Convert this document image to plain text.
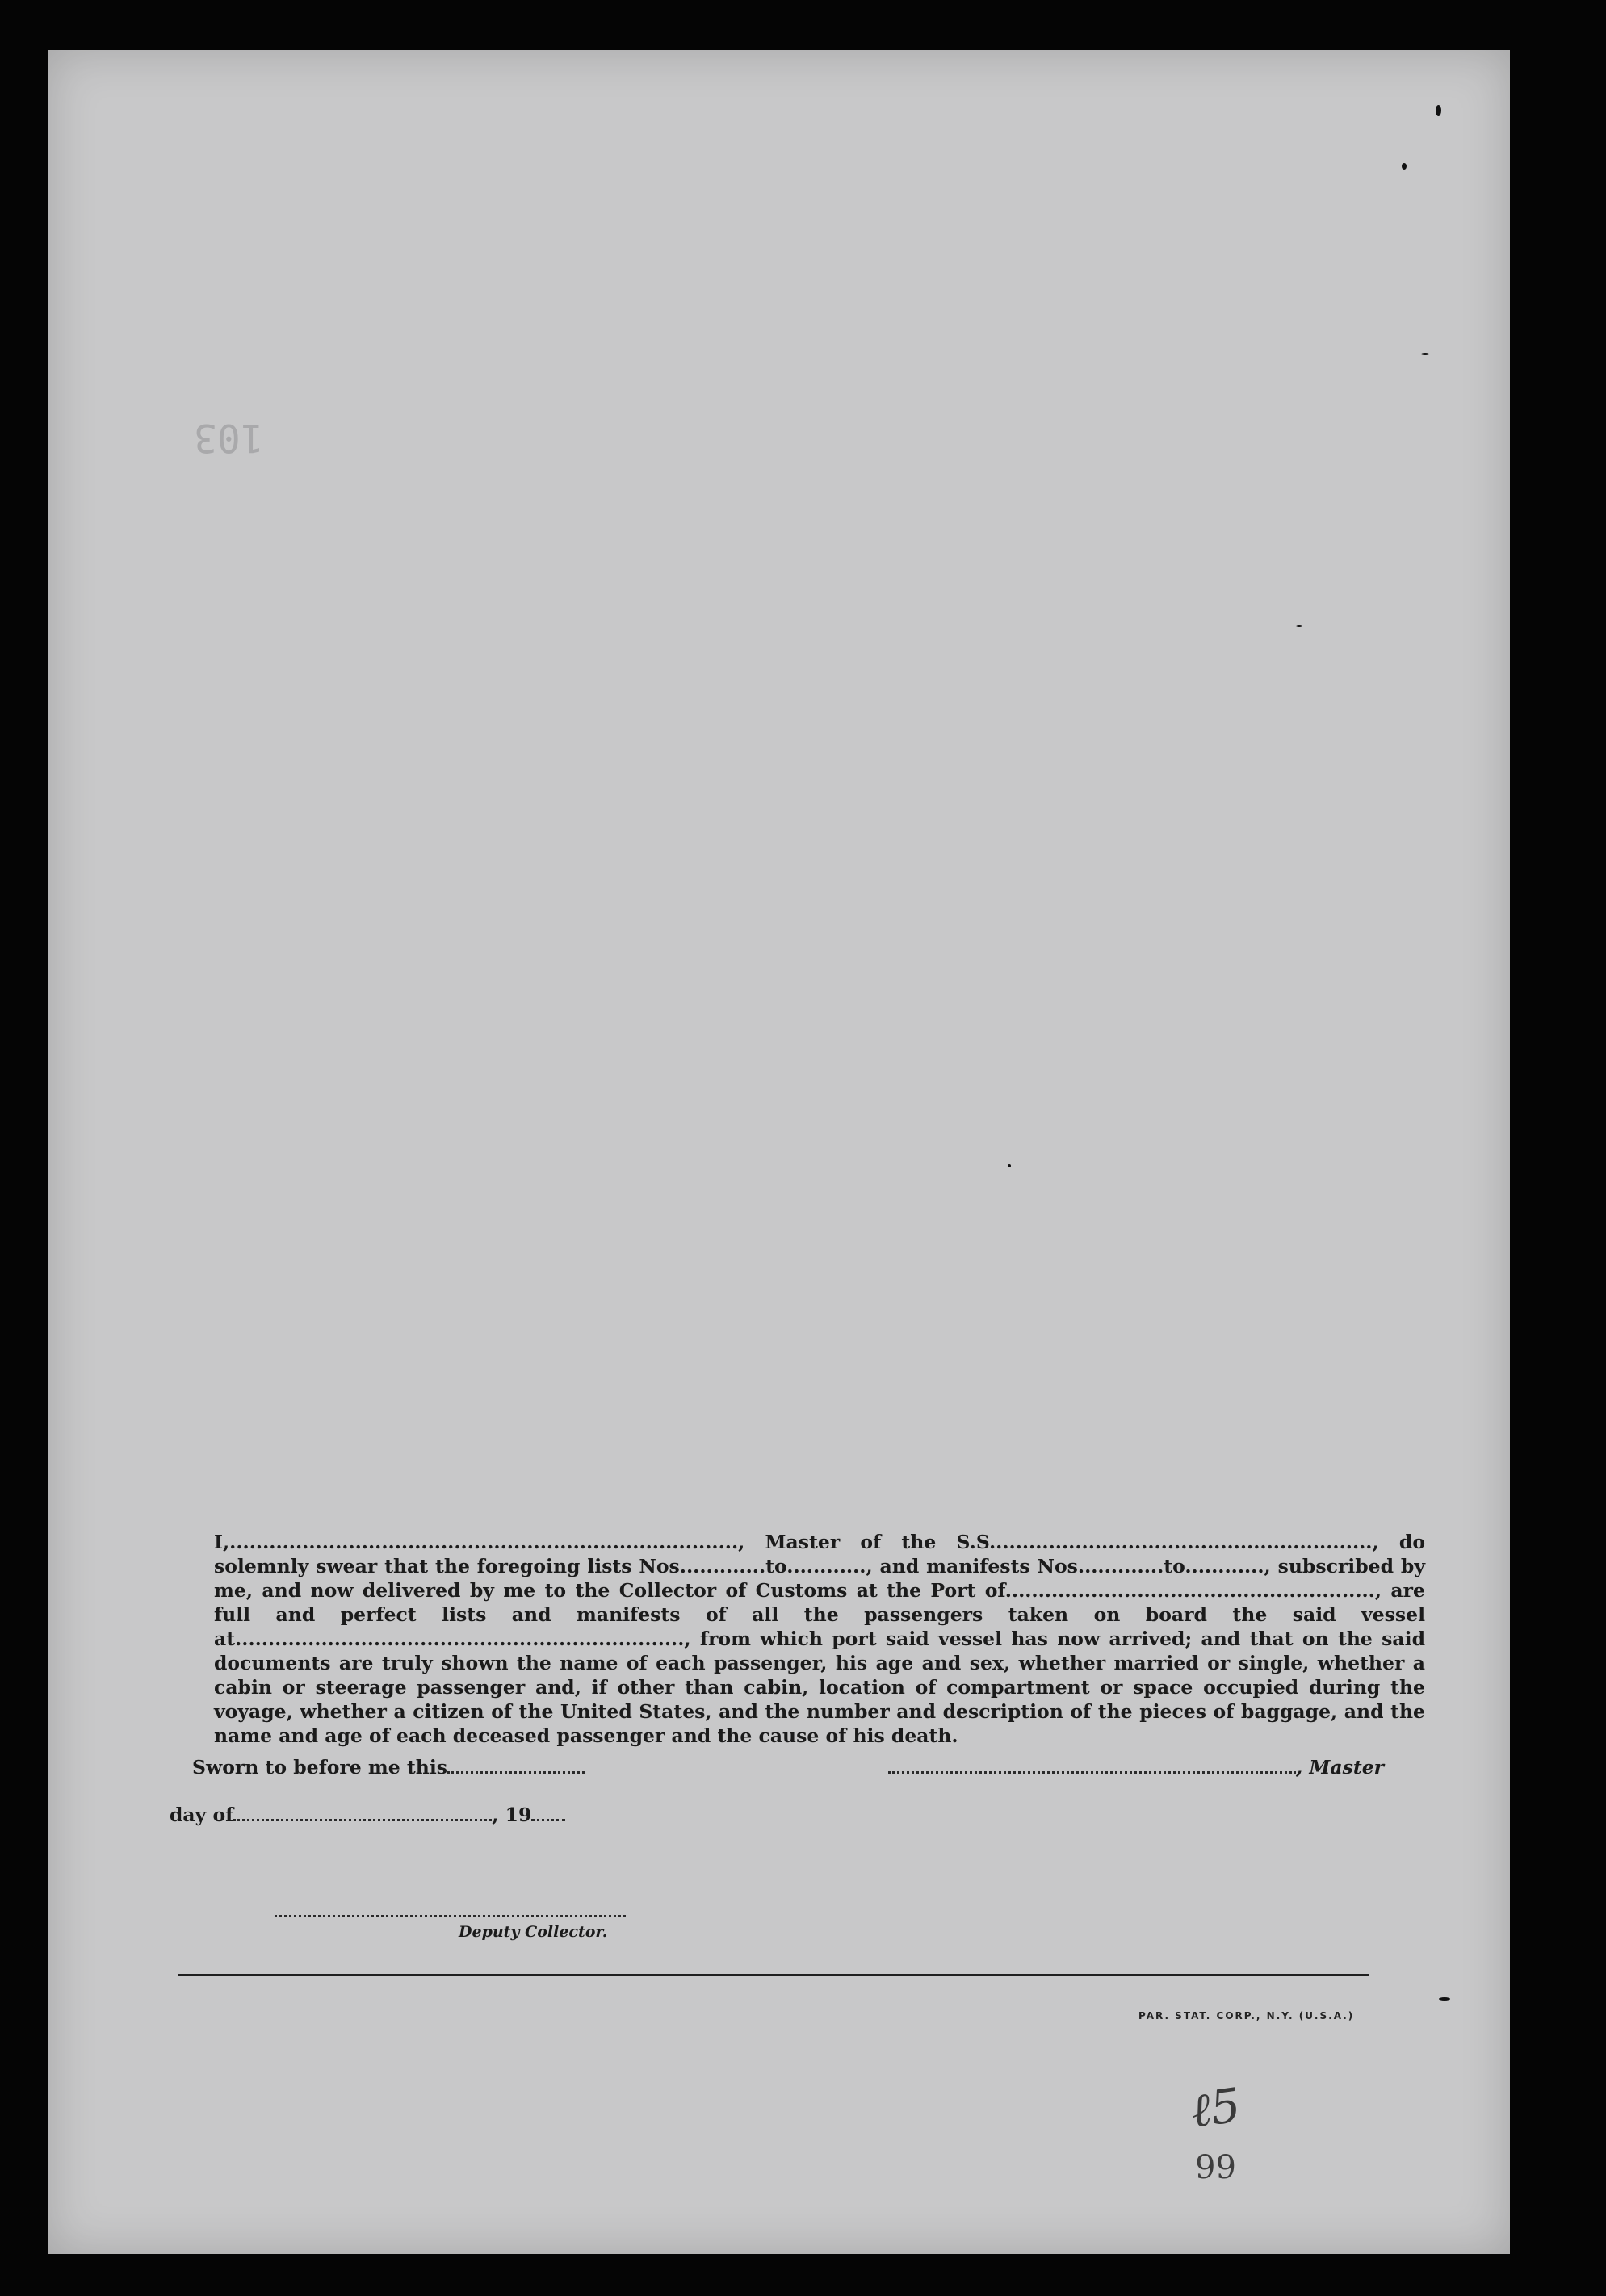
103

I,............................................................................., Master of the S.S.........................................................., do solemnly swear that the foregoing lists Nos.............to............, and manifests Nos.............to............, subscribed by me, and now delivered by me to the Collector of Customs at the Port of........................................................, are full and perfect lists and manifests of all the passengers taken on board the said vessel at...................................................................., from which port said vessel has now arrived; and that on the said documents are truly shown the name of each passenger, his age and sex, whether married or single, whether a cabin or steerage passenger and, if other than cabin, location of compartment or space occupied during the voyage, whether a citizen of the United States, and the number and description of the pieces of baggage, and the name and age of each deceased passenger and the cause of his death.

Sworn to before me this	, Master
day of	, 19
Deputy Collector.
PAR. STAT. CORP., N.Y. (U.S.A.)
ℓ5
99
